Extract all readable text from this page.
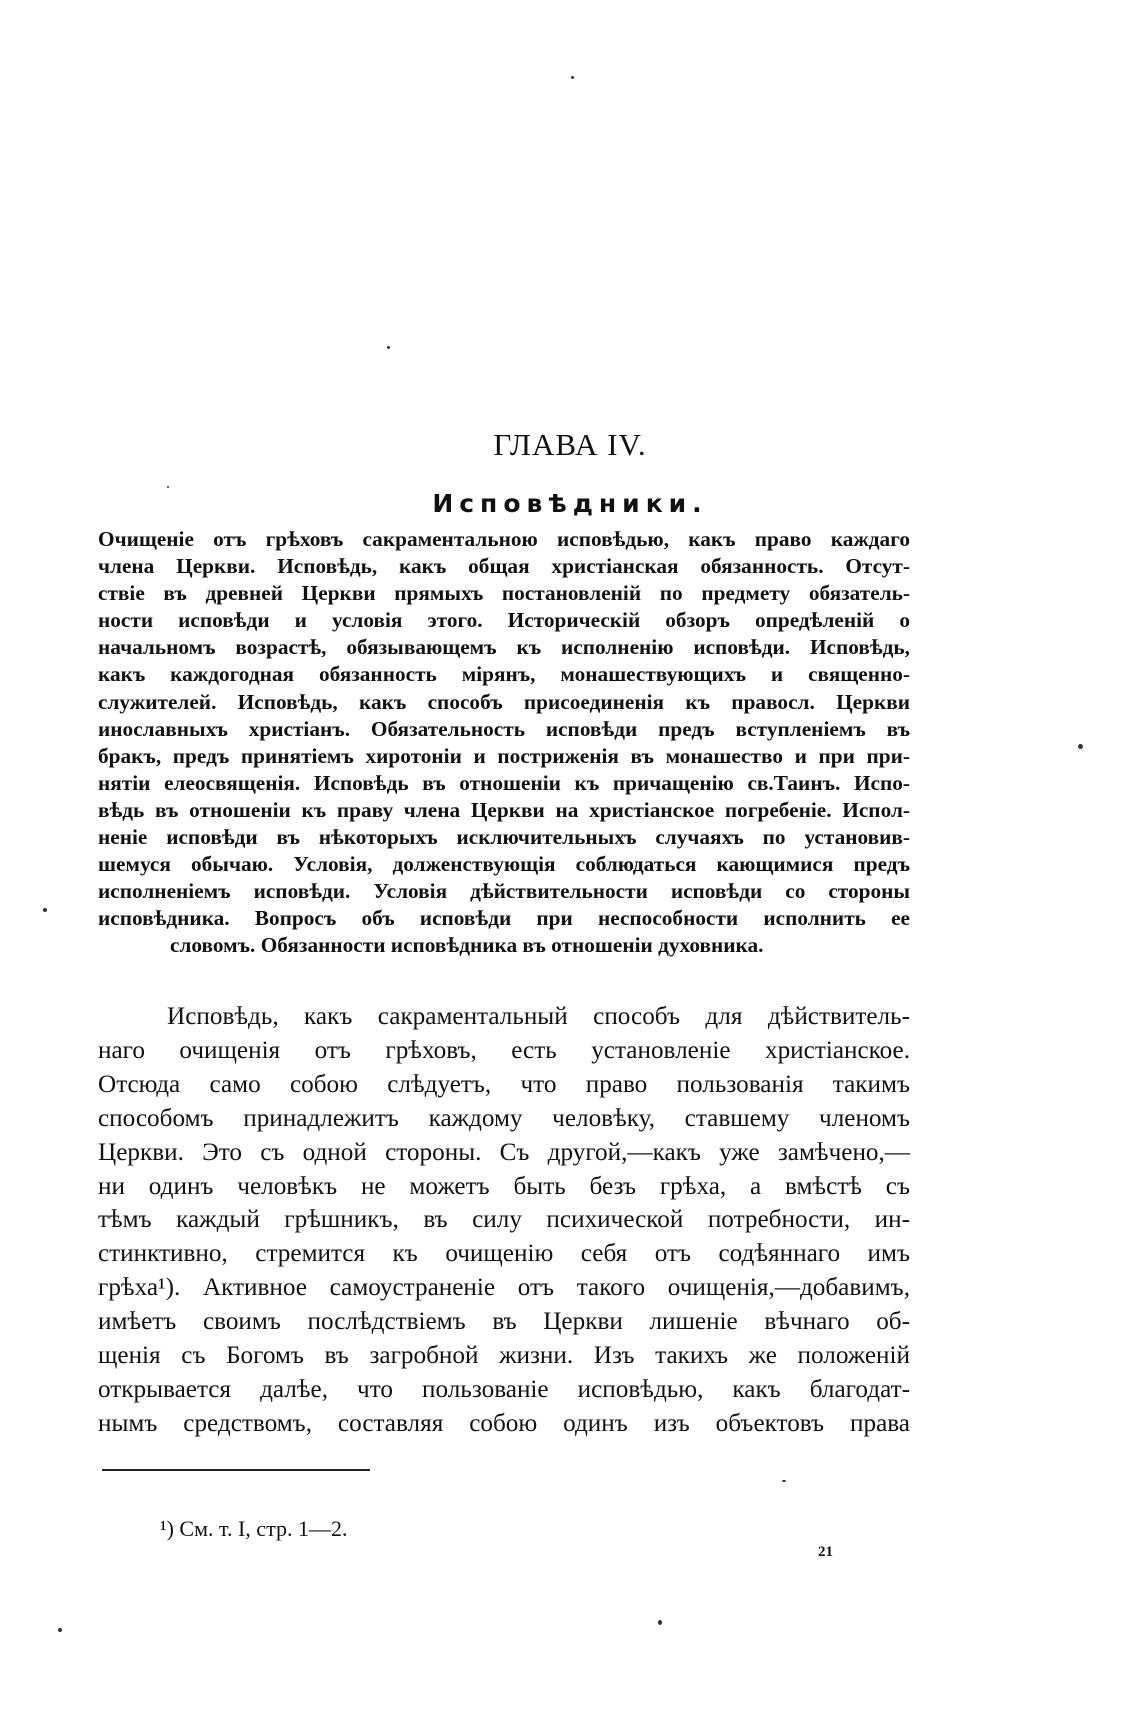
ГЛАВА IV.
Исповѣдники.
Очищеніе отъ грѣховъ сакраментальною исповѣдью, какъ право каждаго
члена Церкви. Исповѣдь, какъ общая христіанская обязанность. Отсут-
ствіе въ древней Церкви прямыхъ постановленій по предмету обязатель-
ности исповѣди и условія этого. Историческій обзоръ опредѣленій о
начальномъ возрастѣ, обязывающемъ къ исполненію исповѣди. Исповѣдь,
какъ каждогодная обязанность мірянъ, монашествующихъ и священно-
служителей. Исповѣдь, какъ способъ присоединенія къ правосл. Церкви
инославныхъ христіанъ. Обязательность исповѣди предъ вступленіемъ въ
бракъ, предъ принятіемъ хиротоніи и постриженія въ монашество и при при-
нятіи елеосвященія. Исповѣдь въ отношеніи къ причащенію св.Таинъ. Испо-
вѣдь въ отношеніи къ праву члена Церкви на христіанское погребеніе. Испол-
неніе исповѣди въ нѣкоторыхъ исключительныхъ случаяхъ по установив-
шемуся обычаю. Условія, долженствующія соблюдаться кающимися предъ
исполненіемъ исповѣди. Условія дѣйствительности исповѣди со стороны
исповѣдника. Вопросъ объ исповѣди при неспособности исполнить ее
словомъ. Обязанности исповѣдника въ отношеніи духовника.
Исповѣдь, какъ сакраментальный способъ для дѣйствитель-
наго очищенія отъ грѣховъ, есть установленіе христіанское.
Отсюда само собою слѣдуетъ, что право пользованія такимъ
способомъ принадлежитъ каждому человѣку, ставшему членомъ
Церкви. Это съ одной стороны. Съ другой,—какъ уже замѣчено,—
ни одинъ человѣкъ не можетъ быть безъ грѣха, а вмѣстѣ съ
тѣмъ каждый грѣшникъ, въ силу психической потребности, ин-
стинктивно, стремится къ очищенію себя отъ содѣяннаго имъ
грѣха¹). Активное самоустраненіе отъ такого очищенія,—добавимъ,
имѣетъ своимъ послѣдствіемъ въ Церкви лишеніе вѣчнаго об-
щенія съ Богомъ въ загробной жизни. Изъ такихъ же положеній
открывается далѣе, что пользованіе исповѣдью, какъ благодат-
нымъ средствомъ, составляя собою одинъ изъ объектовъ права
¹) См. т. I, стр. 1—2.
21
